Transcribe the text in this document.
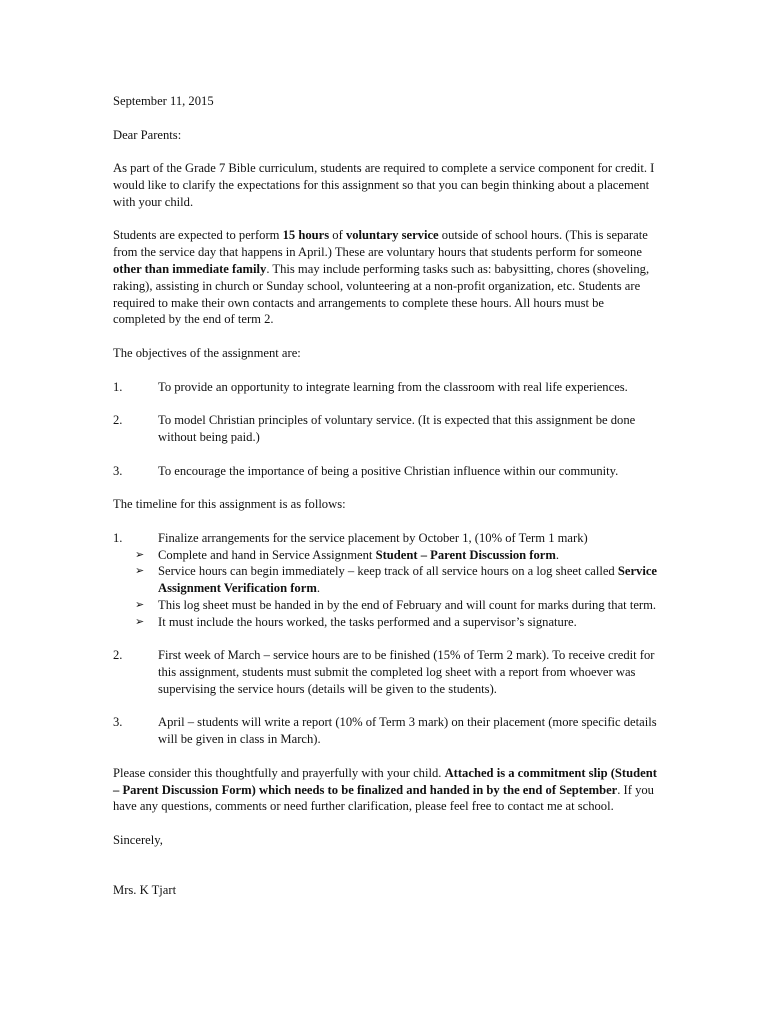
September 11, 2015

Dear Parents:

As part of the Grade 7 Bible curriculum, students are required to complete a service component for credit. I would like to clarify the expectations for this assignment so that you can begin thinking about a placement with your child.

Students are expected to perform 15 hours of voluntary service outside of school hours. (This is separate from the service day that happens in April.) These are voluntary hours that students perform for someone other than immediate family. This may include performing tasks such as: babysitting, chores (shoveling, raking), assisting in church or Sunday school, volunteering at a non-profit organization, etc. Students are required to make their own contacts and arrangements to complete these hours. All hours must be completed by the end of term 2.

The objectives of the assignment are:

1.	To provide an opportunity to integrate learning from the classroom with real life experiences.
2.	To model Christian principles of voluntary service. (It is expected that this assignment be done without being paid.)
3.	To encourage the importance of being a positive Christian influence within our community.

The timeline for this assignment is as follows:

1.	Finalize arrangements for the service placement by October 1, (10% of Term 1 mark)
➢	Complete and hand in Service Assignment Student – Parent Discussion form.
➢	Service hours can begin immediately – keep track of all service hours on a log sheet called Service Assignment Verification form.
➢	This log sheet must be handed in by the end of February and will count for marks during that term.
➢	It must include the hours worked, the tasks performed and a supervisor’s signature.
2.	First week of March – service hours are to be finished (15% of Term 2 mark). To receive credit for this assignment, students must submit the completed log sheet with a report from whoever was supervising the service hours (details will be given to the students).
3.	April – students will write a report (10% of Term 3 mark) on their placement (more specific details will be given in class in March).

Please consider this thoughtfully and prayerfully with your child. Attached is a commitment slip (Student – Parent Discussion Form) which needs to be finalized and handed in by the end of September. If you have any questions, comments or need further clarification, please feel free to contact me at school.

Sincerely,

Mrs. K Tjart
